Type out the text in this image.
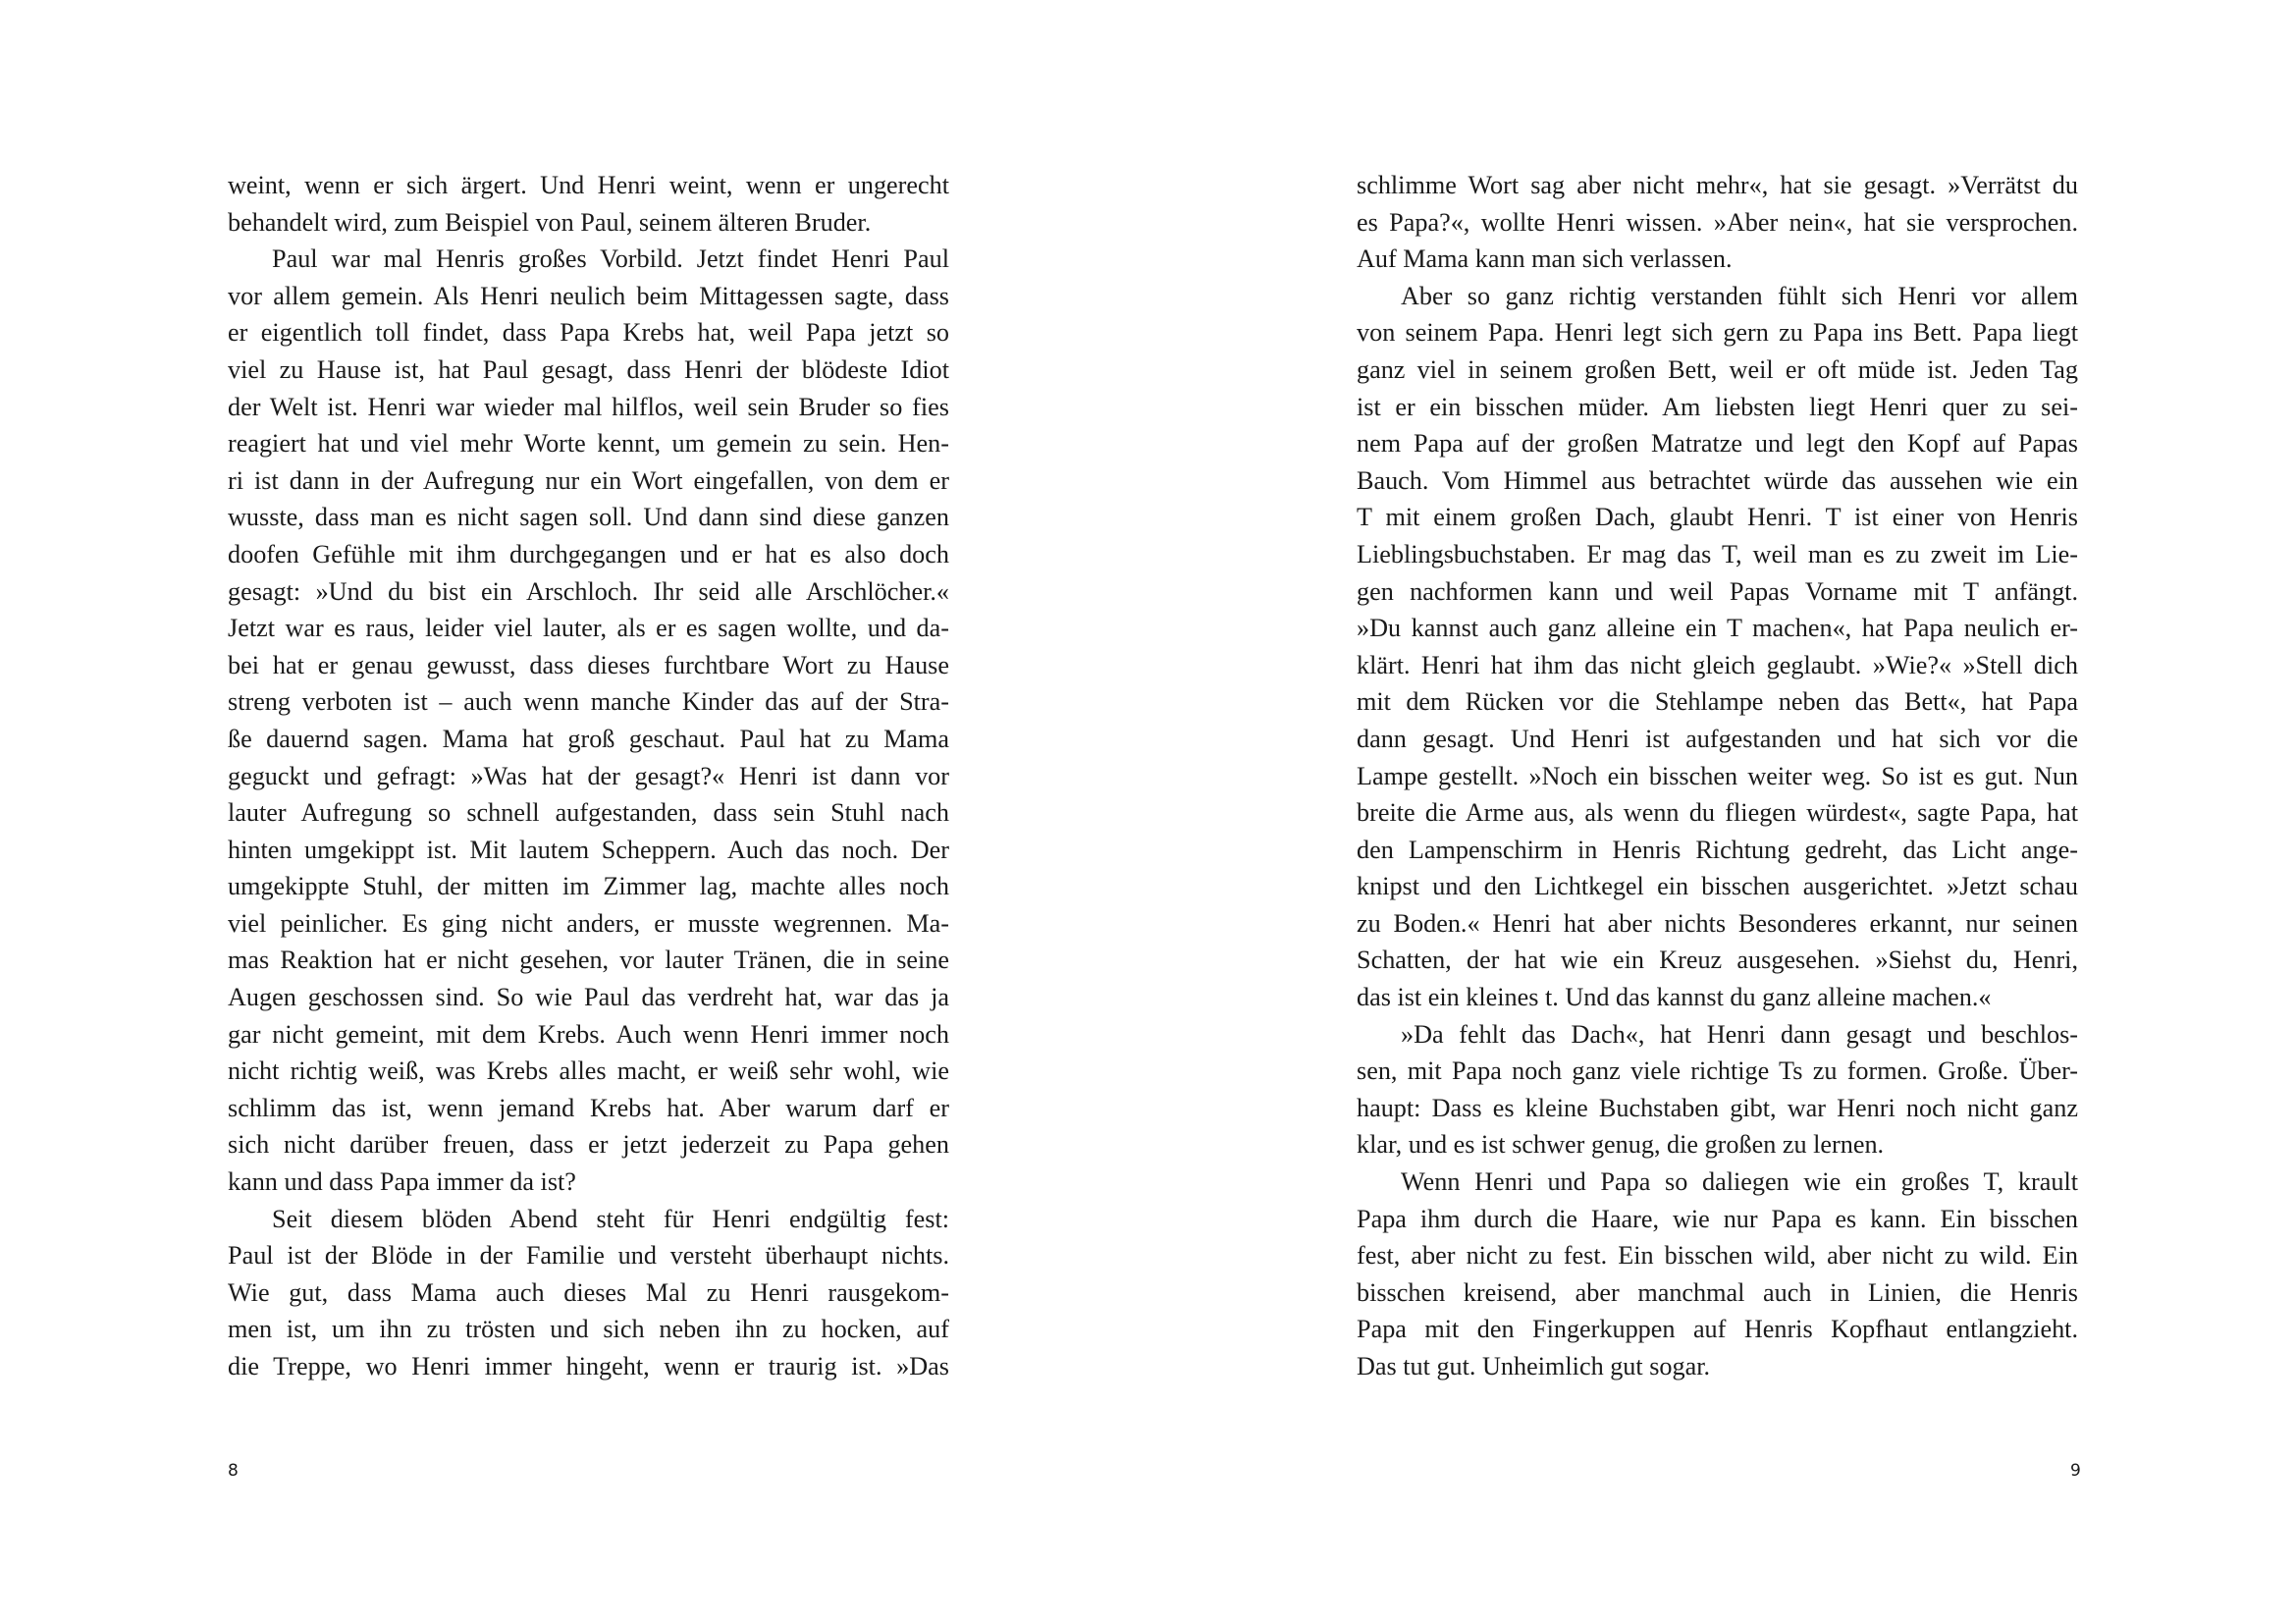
weint, wenn er sich ärgert. Und Henri weint, wenn er ungerecht
behandelt wird, zum Beispiel von Paul, seinem älteren Bruder.
Paul war mal Henris großes Vorbild. Jetzt findet Henri Paul
vor allem gemein. Als Henri neulich beim Mittagessen sagte, dass
er eigentlich toll findet, dass Papa Krebs hat, weil Papa jetzt so
viel zu Hause ist, hat Paul gesagt, dass Henri der blödeste Idiot
der Welt ist. Henri war wieder mal hilflos, weil sein Bruder so fies
reagiert hat und viel mehr Worte kennt, um gemein zu sein. Hen-
ri ist dann in der Aufregung nur ein Wort eingefallen, von dem er
wusste, dass man es nicht sagen soll. Und dann sind diese ganzen
doofen Gefühle mit ihm durchgegangen und er hat es also doch
gesagt: »Und du bist ein Arschloch. Ihr seid alle Arschlöcher.«
Jetzt war es raus, leider viel lauter, als er es sagen wollte, und da-
bei hat er genau gewusst, dass dieses furchtbare Wort zu Hause
streng verboten ist – auch wenn manche Kinder das auf der Stra-
ße dauernd sagen. Mama hat groß geschaut. Paul hat zu Mama
geguckt und gefragt: »Was hat der gesagt?« Henri ist dann vor
lauter Aufregung so schnell aufgestanden, dass sein Stuhl nach
hinten umgekippt ist. Mit lautem Scheppern. Auch das noch. Der
umgekippte Stuhl, der mitten im Zimmer lag, machte alles noch
viel peinlicher. Es ging nicht anders, er musste wegrennen. Ma-
mas Reaktion hat er nicht gesehen, vor lauter Tränen, die in seine
Augen geschossen sind. So wie Paul das verdreht hat, war das ja
gar nicht gemeint, mit dem Krebs. Auch wenn Henri immer noch
nicht richtig weiß, was Krebs alles macht, er weiß sehr wohl, wie
schlimm das ist, wenn jemand Krebs hat. Aber warum darf er
sich nicht darüber freuen, dass er jetzt jederzeit zu Papa gehen
kann und dass Papa immer da ist?
Seit diesem blöden Abend steht für Henri endgültig fest:
Paul ist der Blöde in der Familie und versteht überhaupt nichts.
Wie gut, dass Mama auch dieses Mal zu Henri rausgekom-
men ist, um ihn zu trösten und sich neben ihn zu hocken, auf
die Treppe, wo Henri immer hingeht, wenn er traurig ist. »Das
8
schlimme Wort sag aber nicht mehr«, hat sie gesagt. »Verrätst du
es Papa?«, wollte Henri wissen. »Aber nein«, hat sie versprochen.
Auf Mama kann man sich verlassen.
Aber so ganz richtig verstanden fühlt sich Henri vor allem
von seinem Papa. Henri legt sich gern zu Papa ins Bett. Papa liegt
ganz viel in seinem großen Bett, weil er oft müde ist. Jeden Tag
ist er ein bisschen müder. Am liebsten liegt Henri quer zu sei-
nem Papa auf der großen Matratze und legt den Kopf auf Papas
Bauch. Vom Himmel aus betrachtet würde das aussehen wie ein
T mit einem großen Dach, glaubt Henri. T ist einer von Henris
Lieblingsbuchstaben. Er mag das T, weil man es zu zweit im Lie-
gen nachformen kann und weil Papas Vorname mit T anfängt.
»Du kannst auch ganz alleine ein T machen«, hat Papa neulich er-
klärt. Henri hat ihm das nicht gleich geglaubt. »Wie?« »Stell dich
mit dem Rücken vor die Stehlampe neben das Bett«, hat Papa
dann gesagt. Und Henri ist aufgestanden und hat sich vor die
Lampe gestellt. »Noch ein bisschen weiter weg. So ist es gut. Nun
breite die Arme aus, als wenn du fliegen würdest«, sagte Papa, hat
den Lampenschirm in Henris Richtung gedreht, das Licht ange-
knipst und den Lichtkegel ein bisschen ausgerichtet. »Jetzt schau
zu Boden.« Henri hat aber nichts Besonderes erkannt, nur seinen
Schatten, der hat wie ein Kreuz ausgesehen. »Siehst du, Henri,
das ist ein kleines t. Und das kannst du ganz alleine machen.«
»Da fehlt das Dach«, hat Henri dann gesagt und beschlos-
sen, mit Papa noch ganz viele richtige Ts zu formen. Große. Über-
haupt: Dass es kleine Buchstaben gibt, war Henri noch nicht ganz
klar, und es ist schwer genug, die großen zu lernen.
Wenn Henri und Papa so daliegen wie ein großes T, krault
Papa ihm durch die Haare, wie nur Papa es kann. Ein bisschen
fest, aber nicht zu fest. Ein bisschen wild, aber nicht zu wild. Ein
bisschen kreisend, aber manchmal auch in Linien, die Henris
Papa mit den Fingerkuppen auf Henris Kopfhaut entlangzieht.
Das tut gut. Unheimlich gut sogar.
9
